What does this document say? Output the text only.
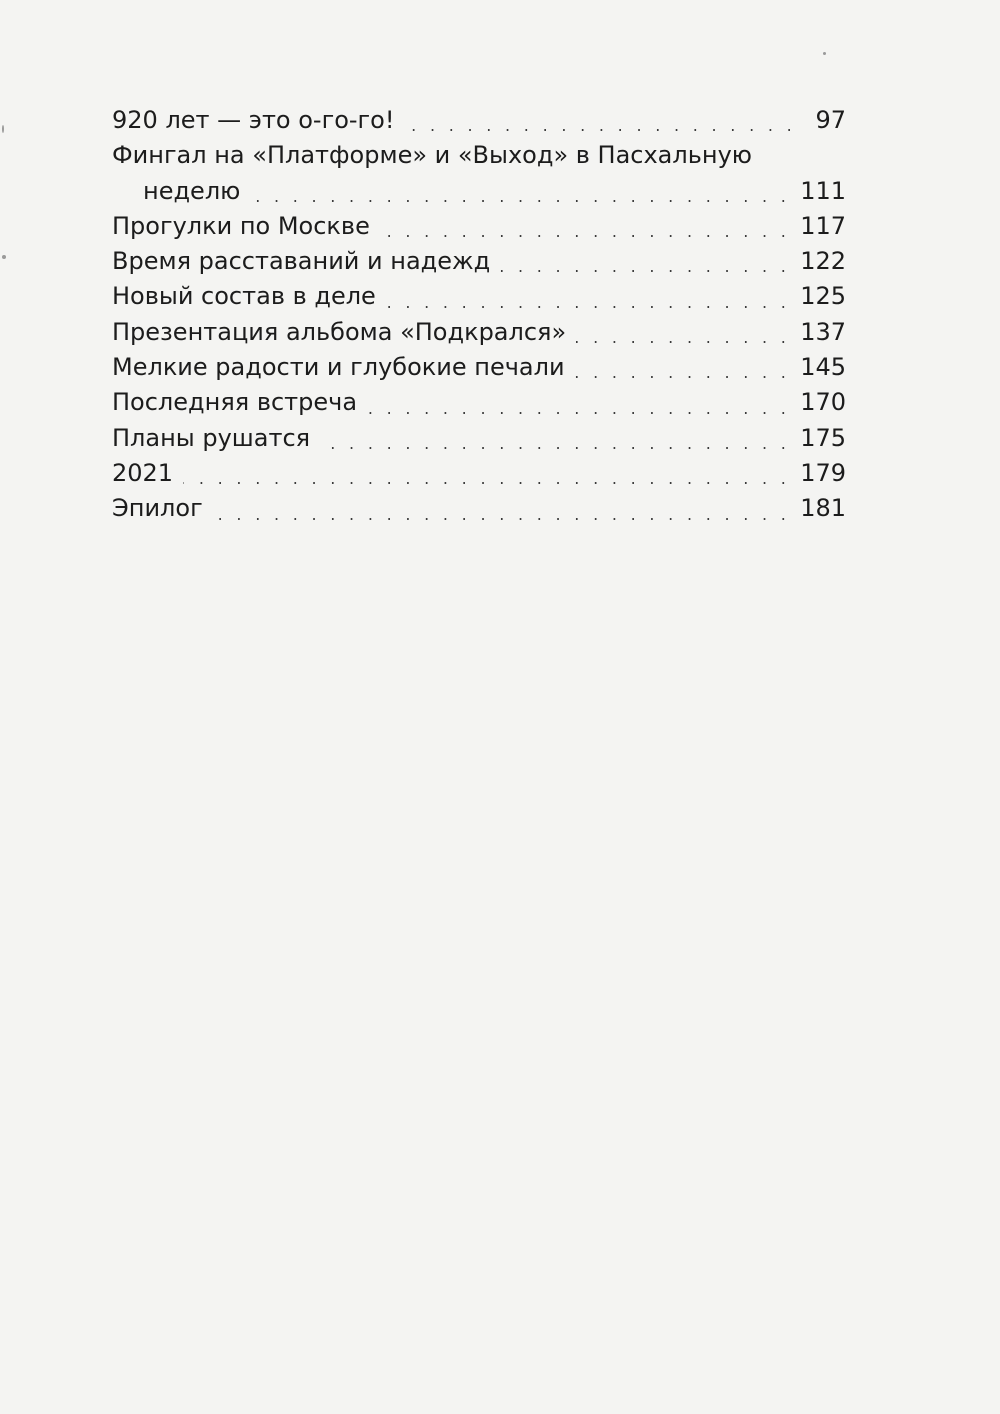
920 лет — это о-го-го! . . .	97
Фингал на «Платформе» и «Выход» в Пасхальную
неделю . . .	111
Прогулки по Москве . . .	117
Время расставаний и надежд . . .	122
Новый состав в деле . . .	125
Презентация альбома «Подкрался» . . .	137
Мелкие радости и глубокие печали . . .	145
Последняя встреча . . .	170
Планы рушатся . . .	175
2021 . . .	179
Эпилог . . .	181
